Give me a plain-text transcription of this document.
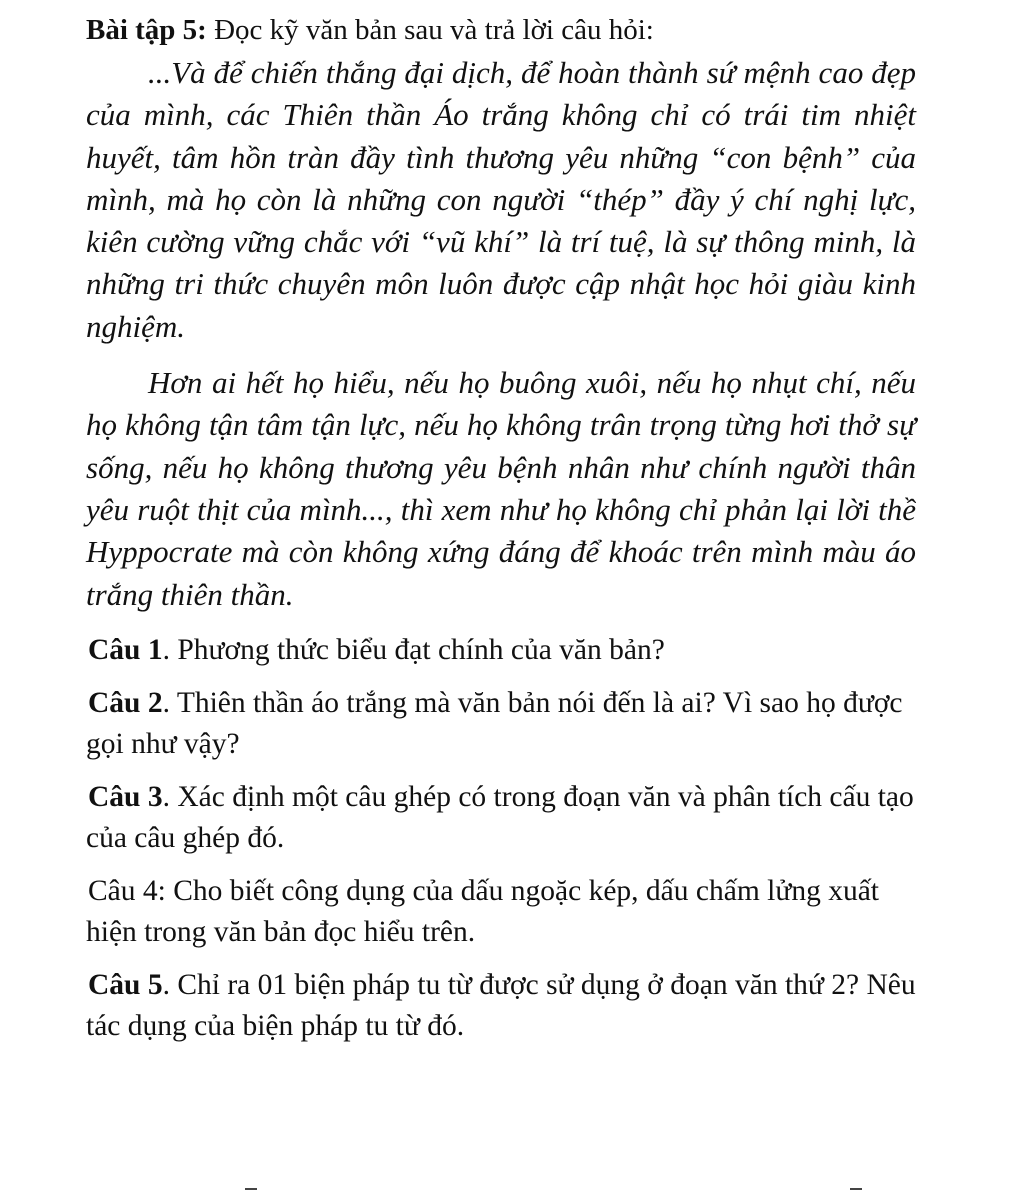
Bài tập 5: Đọc kỹ văn bản sau và trả lời câu hỏi:

...Và để chiến thắng đại dịch, để hoàn thành sứ mệnh cao đẹp của mình, các Thiên thần Áo trắng không chỉ có trái tim nhiệt huyết, tâm hồn tràn đầy tình thương yêu những “con bệnh” của mình, mà họ còn là những con người “thép” đầy ý chí nghị lực, kiên cường vững chắc với “vũ khí” là trí tuệ, là sự thông minh, là những tri thức chuyên môn luôn được cập nhật học hỏi giàu kinh nghiệm.

Hơn ai hết họ hiểu, nếu họ buông xuôi, nếu họ nhụt chí, nếu họ không tận tâm tận lực, nếu họ không trân trọng từng hơi thở sự sống, nếu họ không thương yêu bệnh nhân như chính người thân yêu ruột thịt của mình..., thì xem như họ không chỉ phản lại lời thề Hyppocrate mà còn không xứng đáng để khoác trên mình màu áo trắng thiên thần.

Câu 1. Phương thức biểu đạt chính của văn bản?

Câu 2. Thiên thần áo trắng mà văn bản nói đến là ai? Vì sao họ được gọi như vậy?

Câu 3. Xác định một câu ghép có trong đoạn văn và phân tích cấu tạo của câu ghép đó.

Câu 4: Cho biết công dụng của dấu ngoặc kép, dấu chấm lửng xuất hiện trong văn bản đọc hiểu trên.

Câu 5. Chỉ ra 01 biện pháp tu từ được sử dụng ở đoạn văn thứ 2? Nêu tác dụng của biện pháp tu từ đó.
